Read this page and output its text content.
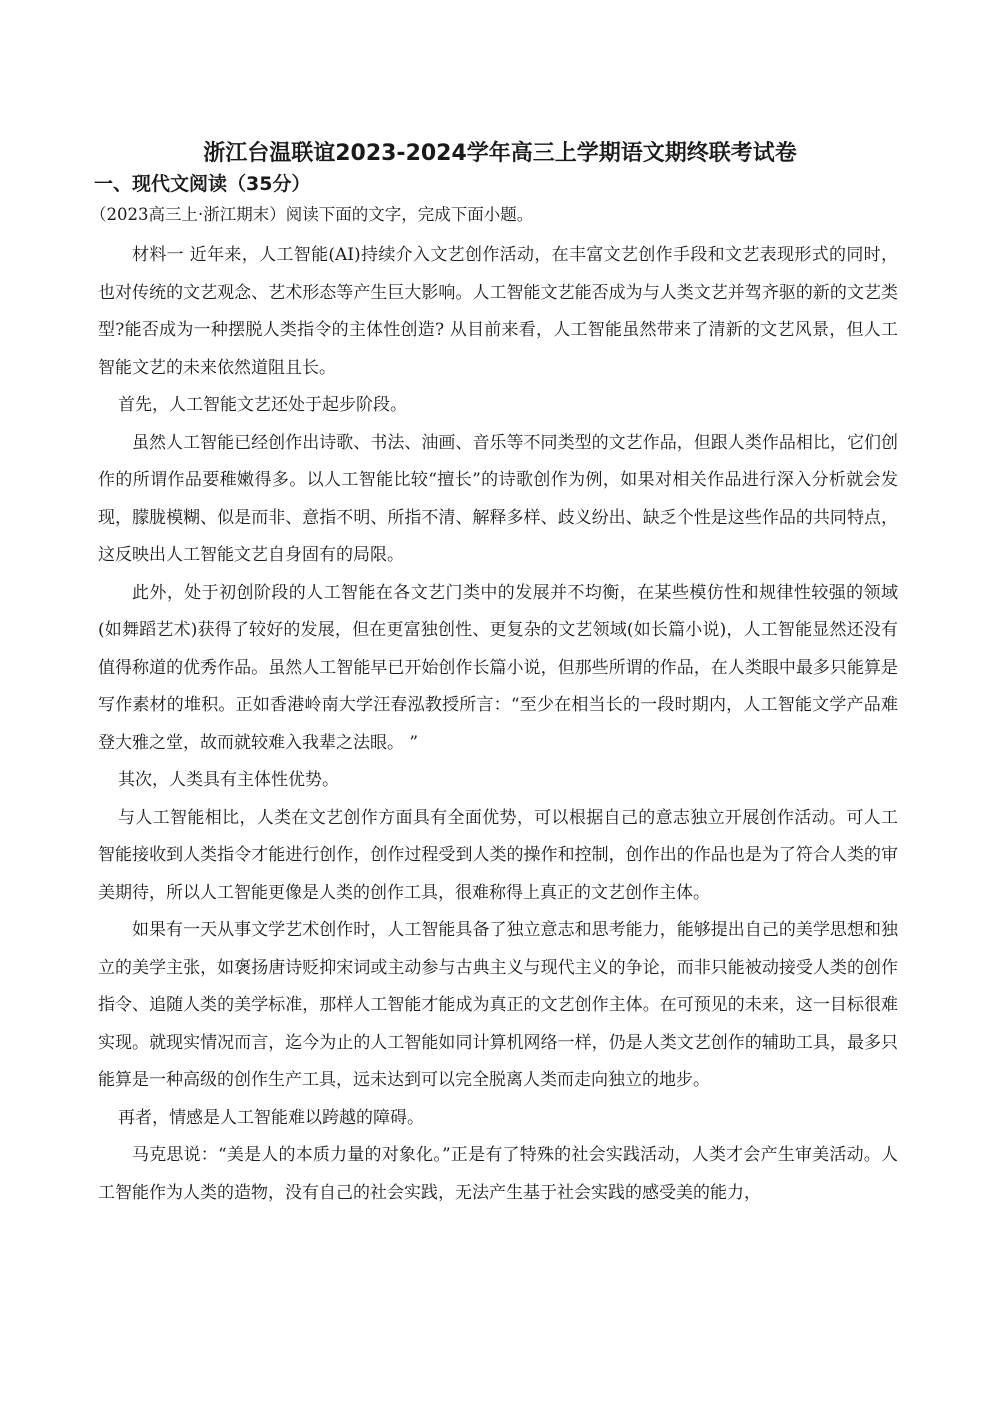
浙江台温联谊2023-2024学年高三上学期语文期终联考试卷
一、现代文阅读（35分）
（2023高三上·浙江期末）阅读下面的文字，完成下面小题。

材料一 近年来，人工智能(AI)持续介入文艺创作活动，在丰富文艺创作手段和文艺表现形式的同时，也对传统的文艺观念、艺术形态等产生巨大影响。人工智能文艺能否成为与人类文艺并驾齐驱的新的文艺类型?能否成为一种摆脱人类指令的主体性创造? 从目前来看，人工智能虽然带来了清新的文艺风景，但人工智能文艺的未来依然道阻且长。

首先，人工智能文艺还处于起步阶段。

虽然人工智能已经创作出诗歌、书法、油画、音乐等不同类型的文艺作品，但跟人类作品相比，它们创作的所谓作品要稚嫩得多。以人工智能比较“擅长”的诗歌创作为例，如果对相关作品进行深入分析就会发现，朦胧模糊、似是而非、意指不明、所指不清、解释多样、歧义纷出、缺乏个性是这些作品的共同特点，这反映出人工智能文艺自身固有的局限。

此外，处于初创阶段的人工智能在各文艺门类中的发展并不均衡，在某些模仿性和规律性较强的领域(如舞蹈艺术)获得了较好的发展，但在更富独创性、更复杂的文艺领域(如长篇小说)，人工智能显然还没有值得称道的优秀作品。虽然人工智能早已开始创作长篇小说，但那些所谓的作品，在人类眼中最多只能算是写作素材的堆积。正如香港岭南大学汪春泓教授所言：“至少在相当长的一段时期内，人工智能文学产品难登大雅之堂，故而就较难入我辈之法眼。 ”

其次，人类具有主体性优势。

与人工智能相比，人类在文艺创作方面具有全面优势，可以根据自己的意志独立开展创作活动。可人工智能接收到人类指令才能进行创作，创作过程受到人类的操作和控制，创作出的作品也是为了符合人类的审美期待，所以人工智能更像是人类的创作工具，很难称得上真正的文艺创作主体。

如果有一天从事文学艺术创作时，人工智能具备了独立意志和思考能力，能够提出自己的美学思想和独立的美学主张，如褒扬唐诗贬抑宋词或主动参与古典主义与现代主义的争论，而非只能被动接受人类的创作指令、追随人类的美学标准，那样人工智能才能成为真正的文艺创作主体。在可预见的未来，这一目标很难实现。就现实情况而言，迄今为止的人工智能如同计算机网络一样，仍是人类文艺创作的辅助工具，最多只能算是一种高级的创作生产工具，远未达到可以完全脱离人类而走向独立的地步。

再者，情感是人工智能难以跨越的障碍。

马克思说：“美是人的本质力量的对象化。”正是有了特殊的社会实践活动，人类才会产生审美活动。人工智能作为人类的造物，没有自己的社会实践，无法产生基于社会实践的感受美的能力，
